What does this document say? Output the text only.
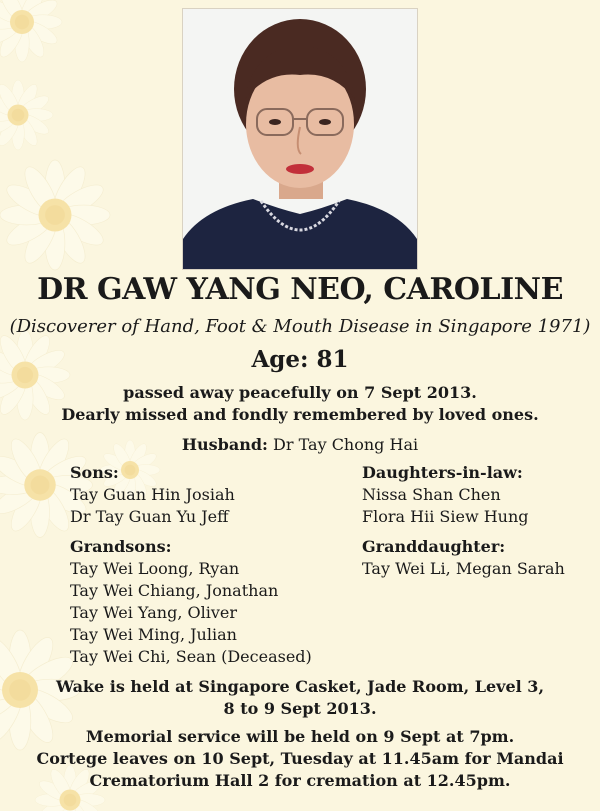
DR GAW YANG NEO, CAROLINE
(Discoverer of Hand, Foot & Mouth Disease in Singapore 1971)
Age: 81
passed away peacefully on 7 Sept 2013.
Dearly missed and fondly remembered by loved ones.
Husband: Dr Tay Chong Hai
Sons:
Tay Guan Hin Josiah
Dr Tay Guan Yu Jeff
Daughters-in-law:
Nissa Shan Chen
Flora Hii Siew Hung
Grandsons:
Tay Wei Loong, Ryan
Tay Wei Chiang, Jonathan
Tay Wei Yang, Oliver
Tay Wei Ming, Julian
Tay Wei Chi, Sean (Deceased)
Granddaughter:
Tay Wei Li, Megan Sarah
Wake is held at Singapore Casket, Jade Room, Level 3,
8 to 9 Sept 2013.
Memorial service will be held on 9 Sept at 7pm.
Cortege leaves on 10 Sept, Tuesday at 11.45am for Mandai
Crematorium Hall 2 for cremation at 12.45pm.
